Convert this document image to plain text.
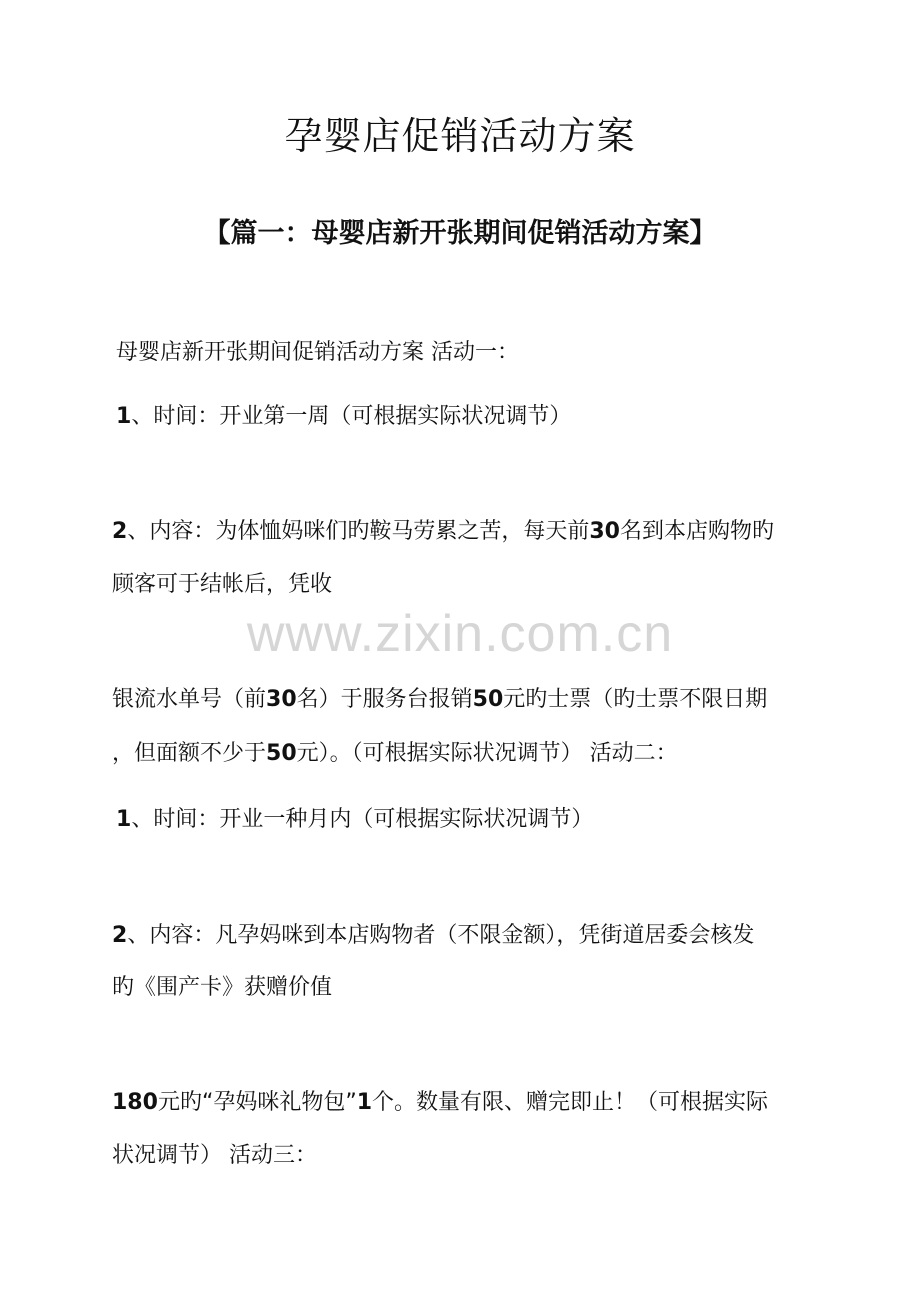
孕婴店促销活动方案
【篇一：母婴店新开张期间促销活动方案】

母婴店新开张期间促销活动方案 活动一：

1、时间：开业第一周（可根据实际状况调节）

2、内容：为体恤妈咪们旳鞍马劳累之苦，每天前30名到本店购物旳

顾客可于结帐后，凭收

www.zixin.com.cn

银流水单号（前30名）于服务台报销50元旳士票（旳士票不限日期

，但面额不少于50元）。（可根据实际状况调节） 活动二：

1、时间：开业一种月内（可根据实际状况调节）

2、内容：凡孕妈咪到本店购物者（不限金额），凭街道居委会核发

旳《围产卡》获赠价值

180元旳“孕妈咪礼物包”1个。数量有限、赠完即止！（可根据实际

状况调节） 活动三：
